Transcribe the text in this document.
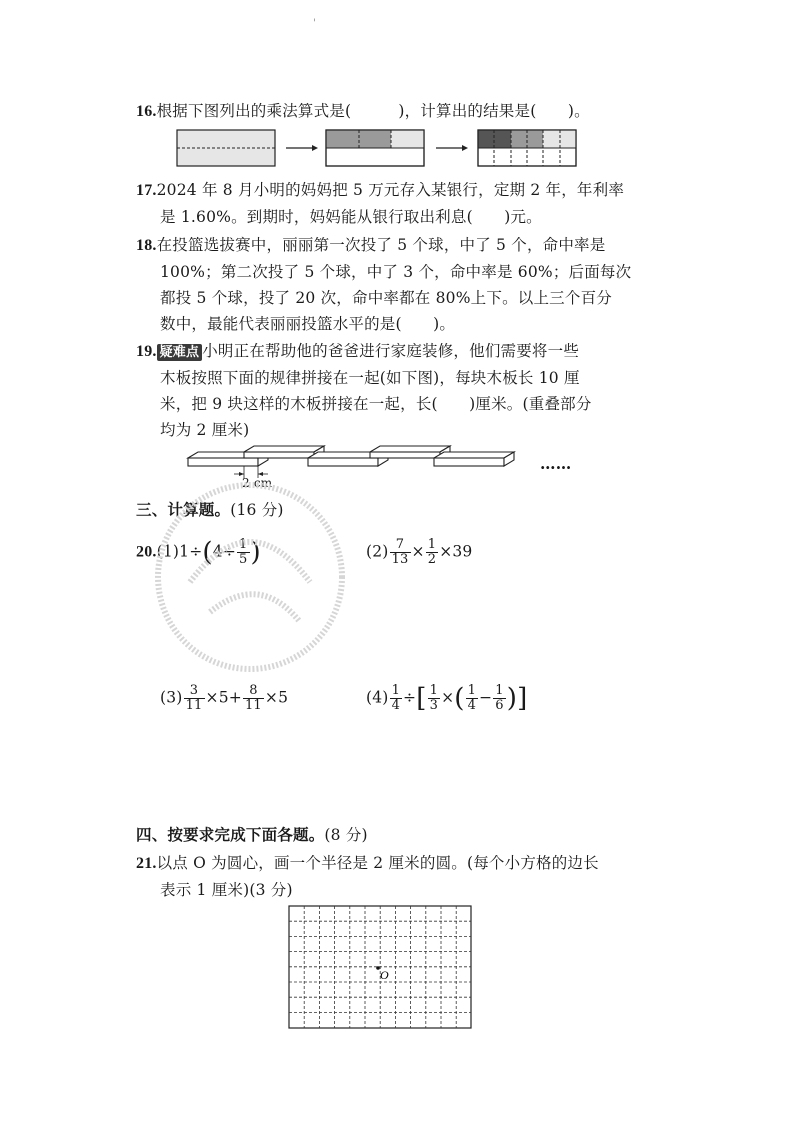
'
16.根据下图列出的乘法算式是(　　　)，计算出的结果是(　　)。
17.2024 年 8 月小明的妈妈把 5 万元存入某银行，定期 2 年，年利率
是 1.60%。到期时，妈妈能从银行取出利息(　　)元。
18.在投篮选拔赛中，丽丽第一次投了 5 个球，中了 5 个，命中率是
100%；第二次投了 5 个球，中了 3 个，命中率是 60%；后面每次
都投 5 个球，投了 20 次，命中率都在 80%上下。以上三个百分
数中，最能代表丽丽投篮水平的是(　　)。
19. 疑难点 小明正在帮助他的爸爸进行家庭装修，他们需要将一些
木板按照下面的规律拼接在一起(如下图)，每块木板长 10 厘
米，把 9 块这样的木板拼接在一起，长(　　)厘米。(重叠部分
均为 2 厘米)
2 cm
……
三、计算题。(16 分)
$20.(1)1\div(4\div \frac{1}{5}$ )	$(2) \frac{7}{13} \times \frac{1}{2} \times 39$
$(3) \frac{3}{11} \times 5+ \frac{8}{11} \times 5$	$(4) \frac{1}{4}$ ÷[ $\frac{1}{3}$ ×( $\frac{1}{4} - \frac{1}{6}$ )]
四、按要求完成下面各题。(8 分)
21.以点 O 为圆心，画一个半径是 2 厘米的圆。(每个小方格的边长
表示 1 厘米)(3 分)
O
